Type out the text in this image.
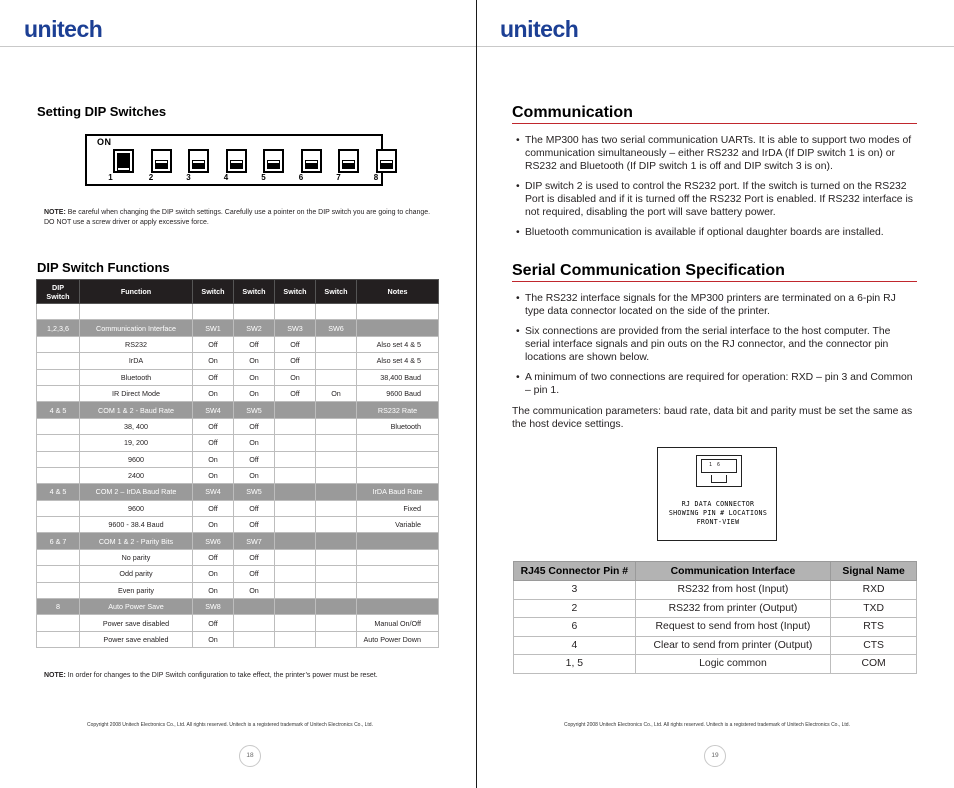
unitech
Setting DIP Switches
ON
1	2	3	4	5	6	7	8
NOTE: Be careful when changing the DIP switch settings. Carefully use a pointer on the DIP switch you are going to change. DO NOT use a screw driver or apply excessive force.
DIP Switch Functions
DIP
Switch	Function	Switch	Switch	Switch	Switch	Notes

1,2,3,6	Communication Interface	SW1	SW2	SW3	SW6	
	RS232	Off	Off	Off		Also set 4 & 5
	IrDA	On	On	Off		Also set 4 & 5
	Bluetooth	Off	On	On		38,400 Baud
	IR Direct Mode	On	On	Off	On	9600 Baud
4 & 5	COM 1 & 2 - Baud Rate	SW4	SW5			RS232 Rate
	38, 400	Off	Off			Bluetooth
	19, 200	Off	On			
	9600	On	Off			
	2400	On	On			
4 & 5	COM 2 – IrDA Baud Rate	SW4	SW5			IrDA Baud Rate
	9600	Off	Off			Fixed
	9600 - 38.4 Baud	On	Off			Variable
6 & 7	COM 1 & 2 - Parity Bits	SW6	SW7			
	No parity	Off	Off			
	Odd parity	On	Off			
	Even parity	On	On			
8	Auto Power Save	SW8				
	Power save disabled	Off				Manual On/Off
	Power save enabled	On				Auto Power Down
NOTE: In order for changes to the DIP Switch configuration to take effect, the printer’s power must be reset.
Copyright 2008 Unitech Electronics Co., Ltd. All rights reserved. Unitech is a registered trademark of Unitech Electronics Co., Ltd.
18
unitech
Communication
• The MP300 has two serial communication UARTs. It is able to support two modes of communication simultaneously – either RS232 and IrDA (If DIP switch 1 is on) or RS232 and Bluetooth (If DIP switch 1 is off and DIP switch 3 is on).
• DIP switch 2 is used to control the RS232 port. If the switch is turned on the RS232 Port is disabled and if it is turned off the RS232 Port is enabled. If RS232 interface is not required, disabling the port will save battery power.
• Bluetooth communication is available if optional daughter boards are installed.
Serial Communication Specification
• The RS232 interface signals for the MP300 printers are terminated on a 6-pin RJ type data connector located on the side of the printer.
• Six connections are provided from the serial interface to the host computer. The serial interface signals and pin outs on the RJ connector, and the connector pin locations are shown below.
• A minimum of two connections are required for operation: RXD – pin 3 and Common – pin 1.
The communication parameters: baud rate, data bit and parity must be set the same as the host device settings.
1 6
RJ DATA CONNECTOR
SHOWING PIN # LOCATIONS
FRONT-VIEW
RJ45 Connector Pin #	Communication Interface	Signal Name
3	RS232 from host (Input)	RXD
2	RS232 from printer (Output)	TXD
6	Request to send from host (Input)	RTS
4	Clear to send from printer (Output)	CTS
1, 5	Logic common	COM
Copyright 2008 Unitech Electronics Co., Ltd. All rights reserved. Unitech is a registered trademark of Unitech Electronics Co., Ltd.
19
